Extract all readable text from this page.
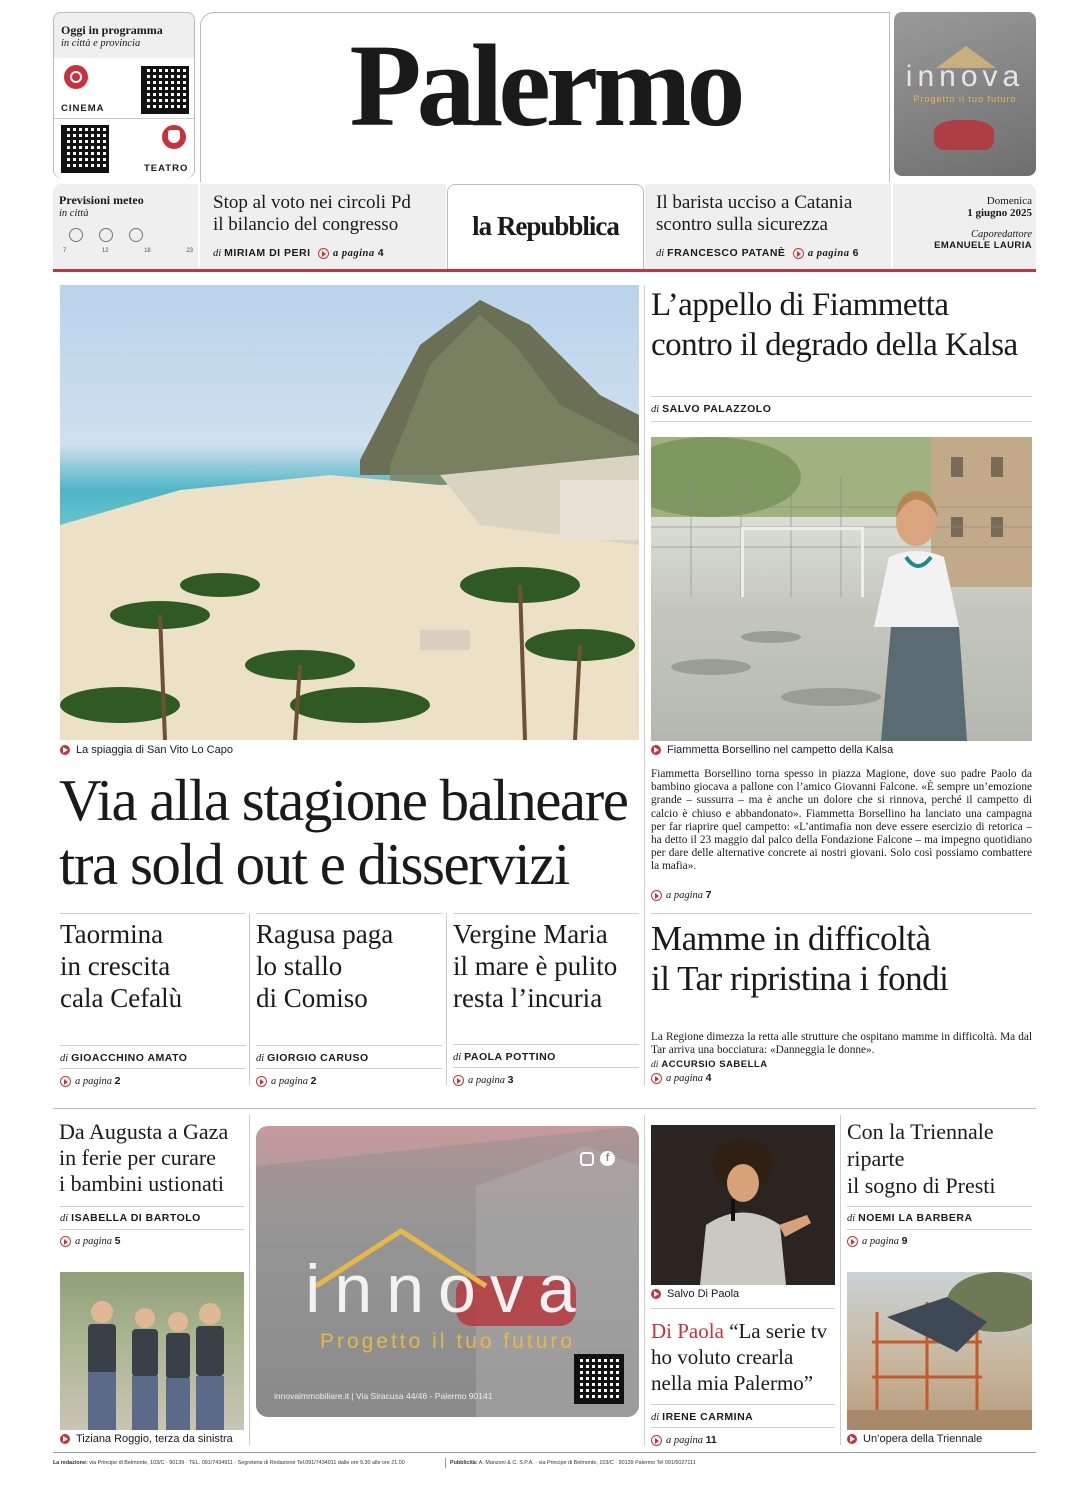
Oggi in programma
in città e provincia
CINEMA
TEATRO
Palermo	innova
Progetto il tuo futuro
Previsioni meteo
in città

7	12	18	23
Stop al voto nei circoli Pd
il bilancio del congresso
di MIRIAM DI PERI a pagina 4
la Repubblica
Il barista ucciso a Catania
scontro sulla sicurezza
di FRANCESCO PATANÈ a pagina 6
Domenica
1 giugno 2025
Caporedattore
EMANUELE LAURIA
La spiaggia di San Vito Lo Capo
Via alla stagione balneare
tra sold out e disservizi
Taormina
in crescita
cala Cefalù
di GIOACCHINO AMATO
a pagina 2
Ragusa paga
lo stallo
di Comiso
di GIORGIO CARUSO
a pagina 2
Vergine Maria
il mare è pulito
resta l’incuria
di PAOLA POTTINO
a pagina 3
L’appello di Fiammetta
contro il degrado della Kalsa
di SALVO PALAZZOLO
Fiammetta Borsellino nel campetto della Kalsa
Fiammetta Borsellino torna spesso in piazza Magione, dove suo padre Paolo da bambino giocava a pallone con l’amico Giovanni Falcone. «È sempre un’emozione grande – sussurra – ma è anche un dolore che si rinnova, perché il campetto di calcio è chiuso e abbandonato». Fiammetta Borsellino ha lanciato una campagna per far riaprire quel campetto: «L’antimafia non deve essere esercizio di retorica – ha detto il 23 maggio dal palco della Fondazione Falcone – ma impegno quotidiano per dare delle alternative concrete ai nostri giovani. Solo così possiamo combattere la mafia».
a pagina 7
Mamme in difficoltà
il Tar ripristina i fondi
La Regione dimezza la retta alle strutture che ospitano mamme in difficoltà. Ma dal Tar arriva una bocciatura: «Danneggia le donne».
di ACCURSIO SABELLA
a pagina 4
Da Augusta a Gaza
in ferie per curare
i bambini ustionati
di ISABELLA DI BARTOLO
a pagina 5
Tiziana Roggio, terza da sinistra
f
innova
Progetto il tuo futuro
innovaimmobiliare.it | Via Siracusa 44/46 - Palermo 90141
Salvo Di Paola
Di Paola “La serie tv
ho voluto crearla
nella mia Palermo”
di IRENE CARMINA
a pagina 11
Con la Triennale
riparte
il sogno di Presti
di NOEMI LA BARBERA
a pagina 9
Un’opera della Triennale
La redazione: via Principe di Belmonte, 103/C · 90139 · TEL. 091/7434911 · Segreteria di Redazione Tel.091/7434911 dalle ore 9.30 alle ore 21.00	Pubblicità: A. Manzoni & C. S.P.A. · via Principe di Belmonte, 103/C · 90139 Palermo Tel 091/6027111
